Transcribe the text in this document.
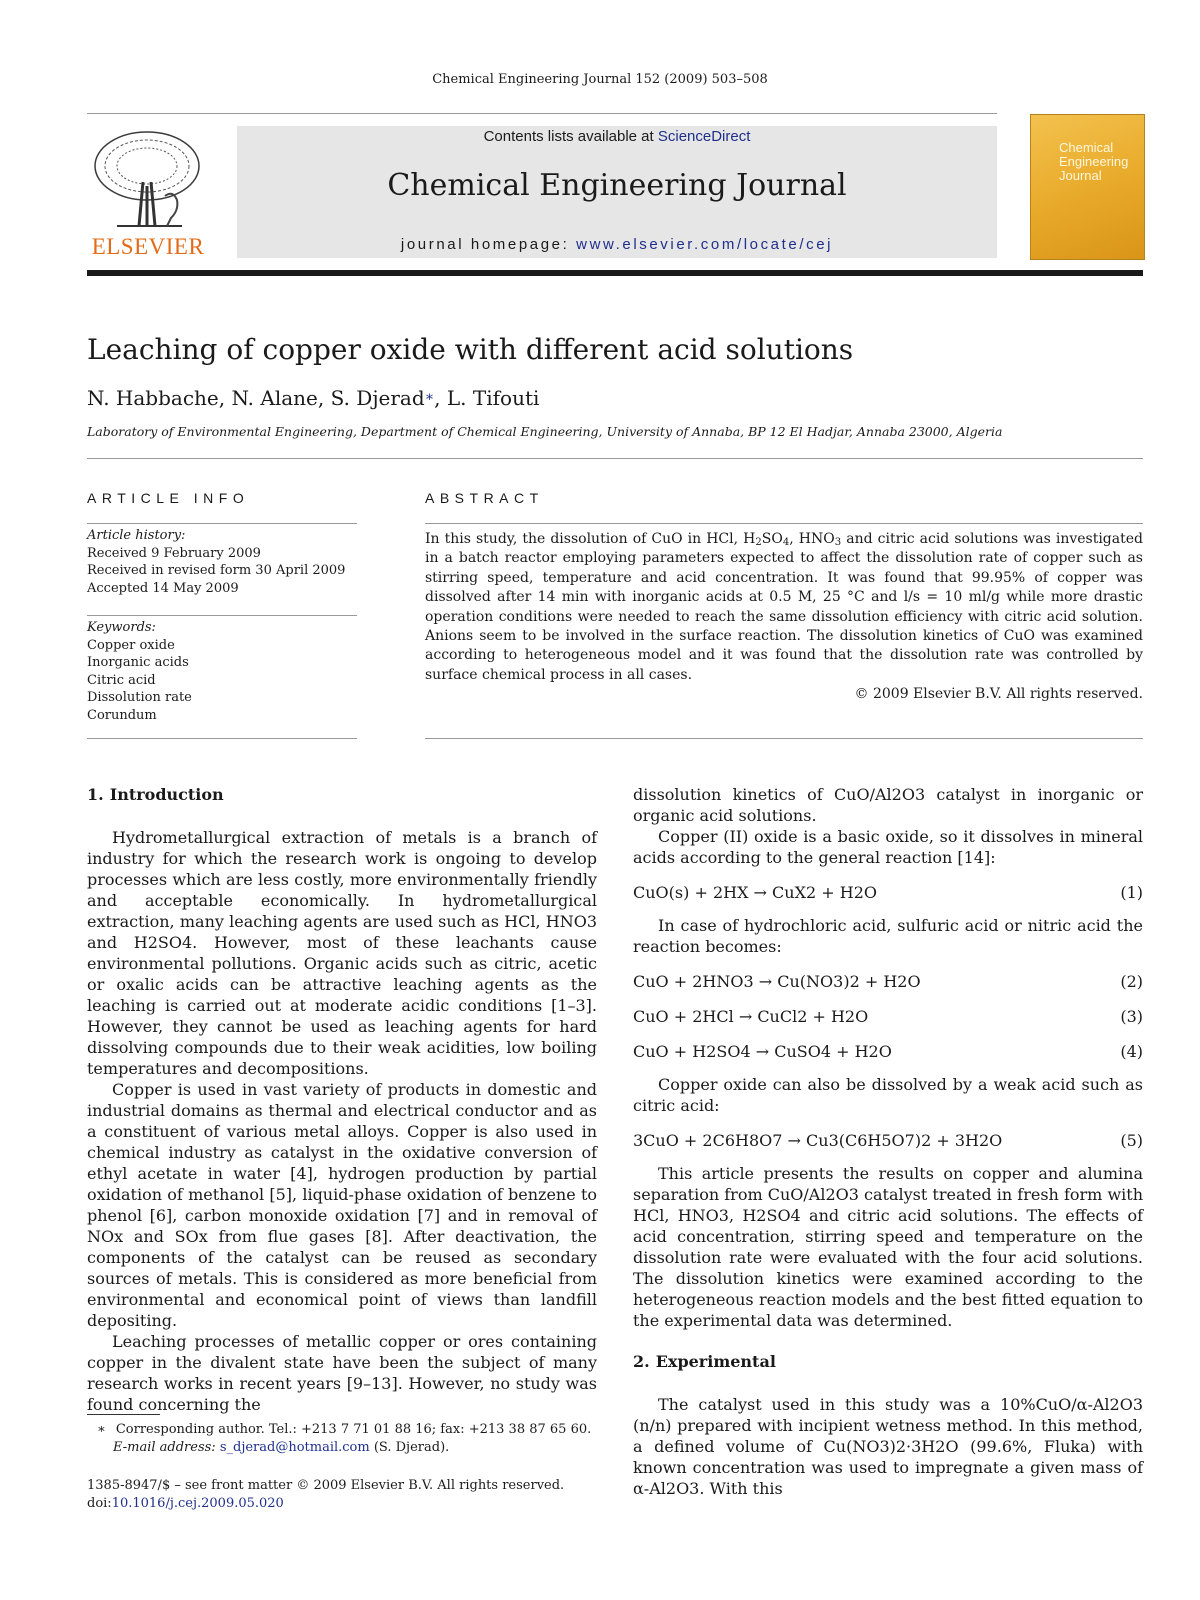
Chemical Engineering Journal 152 (2009) 503–508
ELSEVIER
Contents lists available at ScienceDirect
Chemical Engineering Journal
journal homepage: www.elsevier.com/locate/cej
Chemical
Engineering
Journal
Leaching of copper oxide with different acid solutions
N. Habbache, N. Alane, S. Djerad∗, L. Tifouti
Laboratory of Environmental Engineering, Department of Chemical Engineering, University of Annaba, BP 12 El Hadjar, Annaba 23000, Algeria
ARTICLE INFO
Article history:
Received 9 February 2009
Received in revised form 30 April 2009
Accepted 14 May 2009
Keywords:
Copper oxide
Inorganic acids
Citric acid
Dissolution rate
Corundum
ABSTRACT
In this study, the dissolution of CuO in HCl, $H_2SO_4$, $HNO_3$ and citric acid solutions was investigated in a batch reactor employing parameters expected to affect the dissolution rate of copper such as stirring speed, temperature and acid concentration. It was found that 99.95% of copper was dissolved after 14 min with inorganic acids at 0.5 M, 25 °C and l/s = 10 ml/g while more drastic operation conditions were needed to reach the same dissolution efficiency with citric acid solution. Anions seem to be involved in the surface reaction. The dissolution kinetics of CuO was examined according to heterogeneous model and it was found that the dissolution rate was controlled by surface chemical process in all cases.
© 2009 Elsevier B.V. All rights reserved.
1. Introduction

Hydrometallurgical extraction of metals is a branch of industry for which the research work is ongoing to develop processes which are less costly, more environmentally friendly and acceptable economically. In hydrometallurgical extraction, many leaching agents are used such as HCl, HNO3 and H2SO4. However, most of these leachants cause environmental pollutions. Organic acids such as citric, acetic or oxalic acids can be attractive leaching agents as the leaching is carried out at moderate acidic conditions [1–3]. However, they cannot be used as leaching agents for hard dissolving compounds due to their weak acidities, low boiling temperatures and decompositions.

Copper is used in vast variety of products in domestic and industrial domains as thermal and electrical conductor and as a constituent of various metal alloys. Copper is also used in chemical industry as catalyst in the oxidative conversion of ethyl acetate in water [4], hydrogen production by partial oxidation of methanol [5], liquid-phase oxidation of benzene to phenol [6], carbon monoxide oxidation [7] and in removal of NOx and SOx from flue gases [8]. After deactivation, the components of the catalyst can be reused as secondary sources of metals. This is considered as more beneficial from environmental and economical point of views than landfill depositing.

Leaching processes of metallic copper or ores containing copper in the divalent state have been the subject of many research works in recent years [9–13]. However, no study was found concerning the

dissolution kinetics of CuO/Al2O3 catalyst in inorganic or organic acid solutions.

Copper (II) oxide is a basic oxide, so it dissolves in mineral acids according to the general reaction [14]:

CuO(s) + 2HX → CuX2 + H2O	(1)

In case of hydrochloric acid, sulfuric acid or nitric acid the reaction becomes:

CuO + 2HNO3 → Cu(NO3)2 + H2O	(2)
CuO + 2HCl → CuCl2 + H2O	(3)
CuO + H2SO4 → CuSO4 + H2O	(4)

Copper oxide can also be dissolved by a weak acid such as citric acid:

3CuO + 2C6H8O7 → Cu3(C6H5O7)2 + 3H2O	(5)

This article presents the results on copper and alumina separation from CuO/Al2O3 catalyst treated in fresh form with HCl, HNO3, H2SO4 and citric acid solutions. The effects of acid concentration, stirring speed and temperature on the dissolution rate were evaluated with the four acid solutions. The dissolution kinetics were examined according to the heterogeneous reaction models and the best fitted equation to the experimental data was determined.

2. Experimental

The catalyst used in this study was a 10%CuO/α-Al2O3 (n/n) prepared with incipient wetness method. In this method, a defined volume of Cu(NO3)2·3H2O (99.6%, Fluka) with known concentration was used to impregnate a given mass of α-Al2O3. With this

∗ Corresponding author. Tel.: +213 7 71 01 88 16; fax: +213 38 87 65 60.
E-mail address: s_djerad@hotmail.com (S. Djerad).
1385-8947/$ – see front matter © 2009 Elsevier B.V. All rights reserved.
doi:10.1016/j.cej.2009.05.020
